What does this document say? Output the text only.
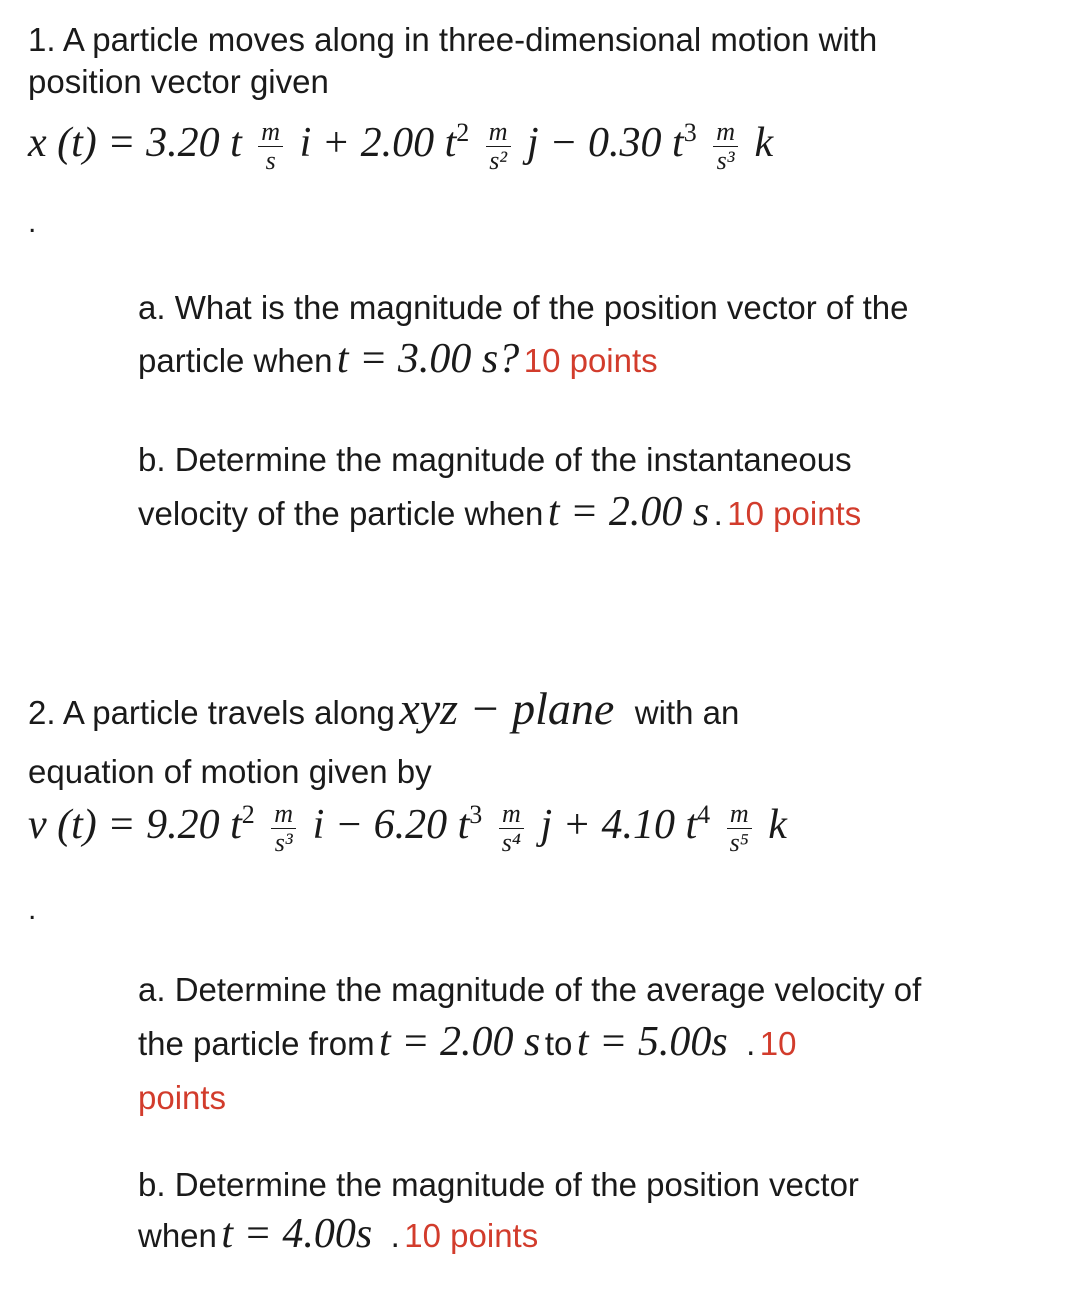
1. A particle moves along in three-dimensional motion with
position vector given
x (t) = 3.20 t $\frac{m}{s}$ i + 2.00 $t^2 \frac{m}{\text{s²}}$ j − 0.30 $t^3 \frac{m}{\text{s³}}$ k
.
a. What is the magnitude of the position vector of the
particle when t = 3.00 s? 10 points
b. Determine the magnitude of the instantaneous
velocity of the particle when t = 2.00 s . 10 points
2. A particle travels along xyz − plane with an
equation of motion given by
v (t) = 9.20 $t^2 \frac{m}{\text{s³}}$ i − 6.20 $t^3 \frac{m}{\text{s⁴}}$ j + 4.10 $t^4 \frac{m}{\text{s⁵}}$ k
.
a. Determine the magnitude of the average velocity of
the particle from t = 2.00 s to t = 5.00s . 10
points
b. Determine the magnitude of the position vector
when t = 4.00s . 10 points
